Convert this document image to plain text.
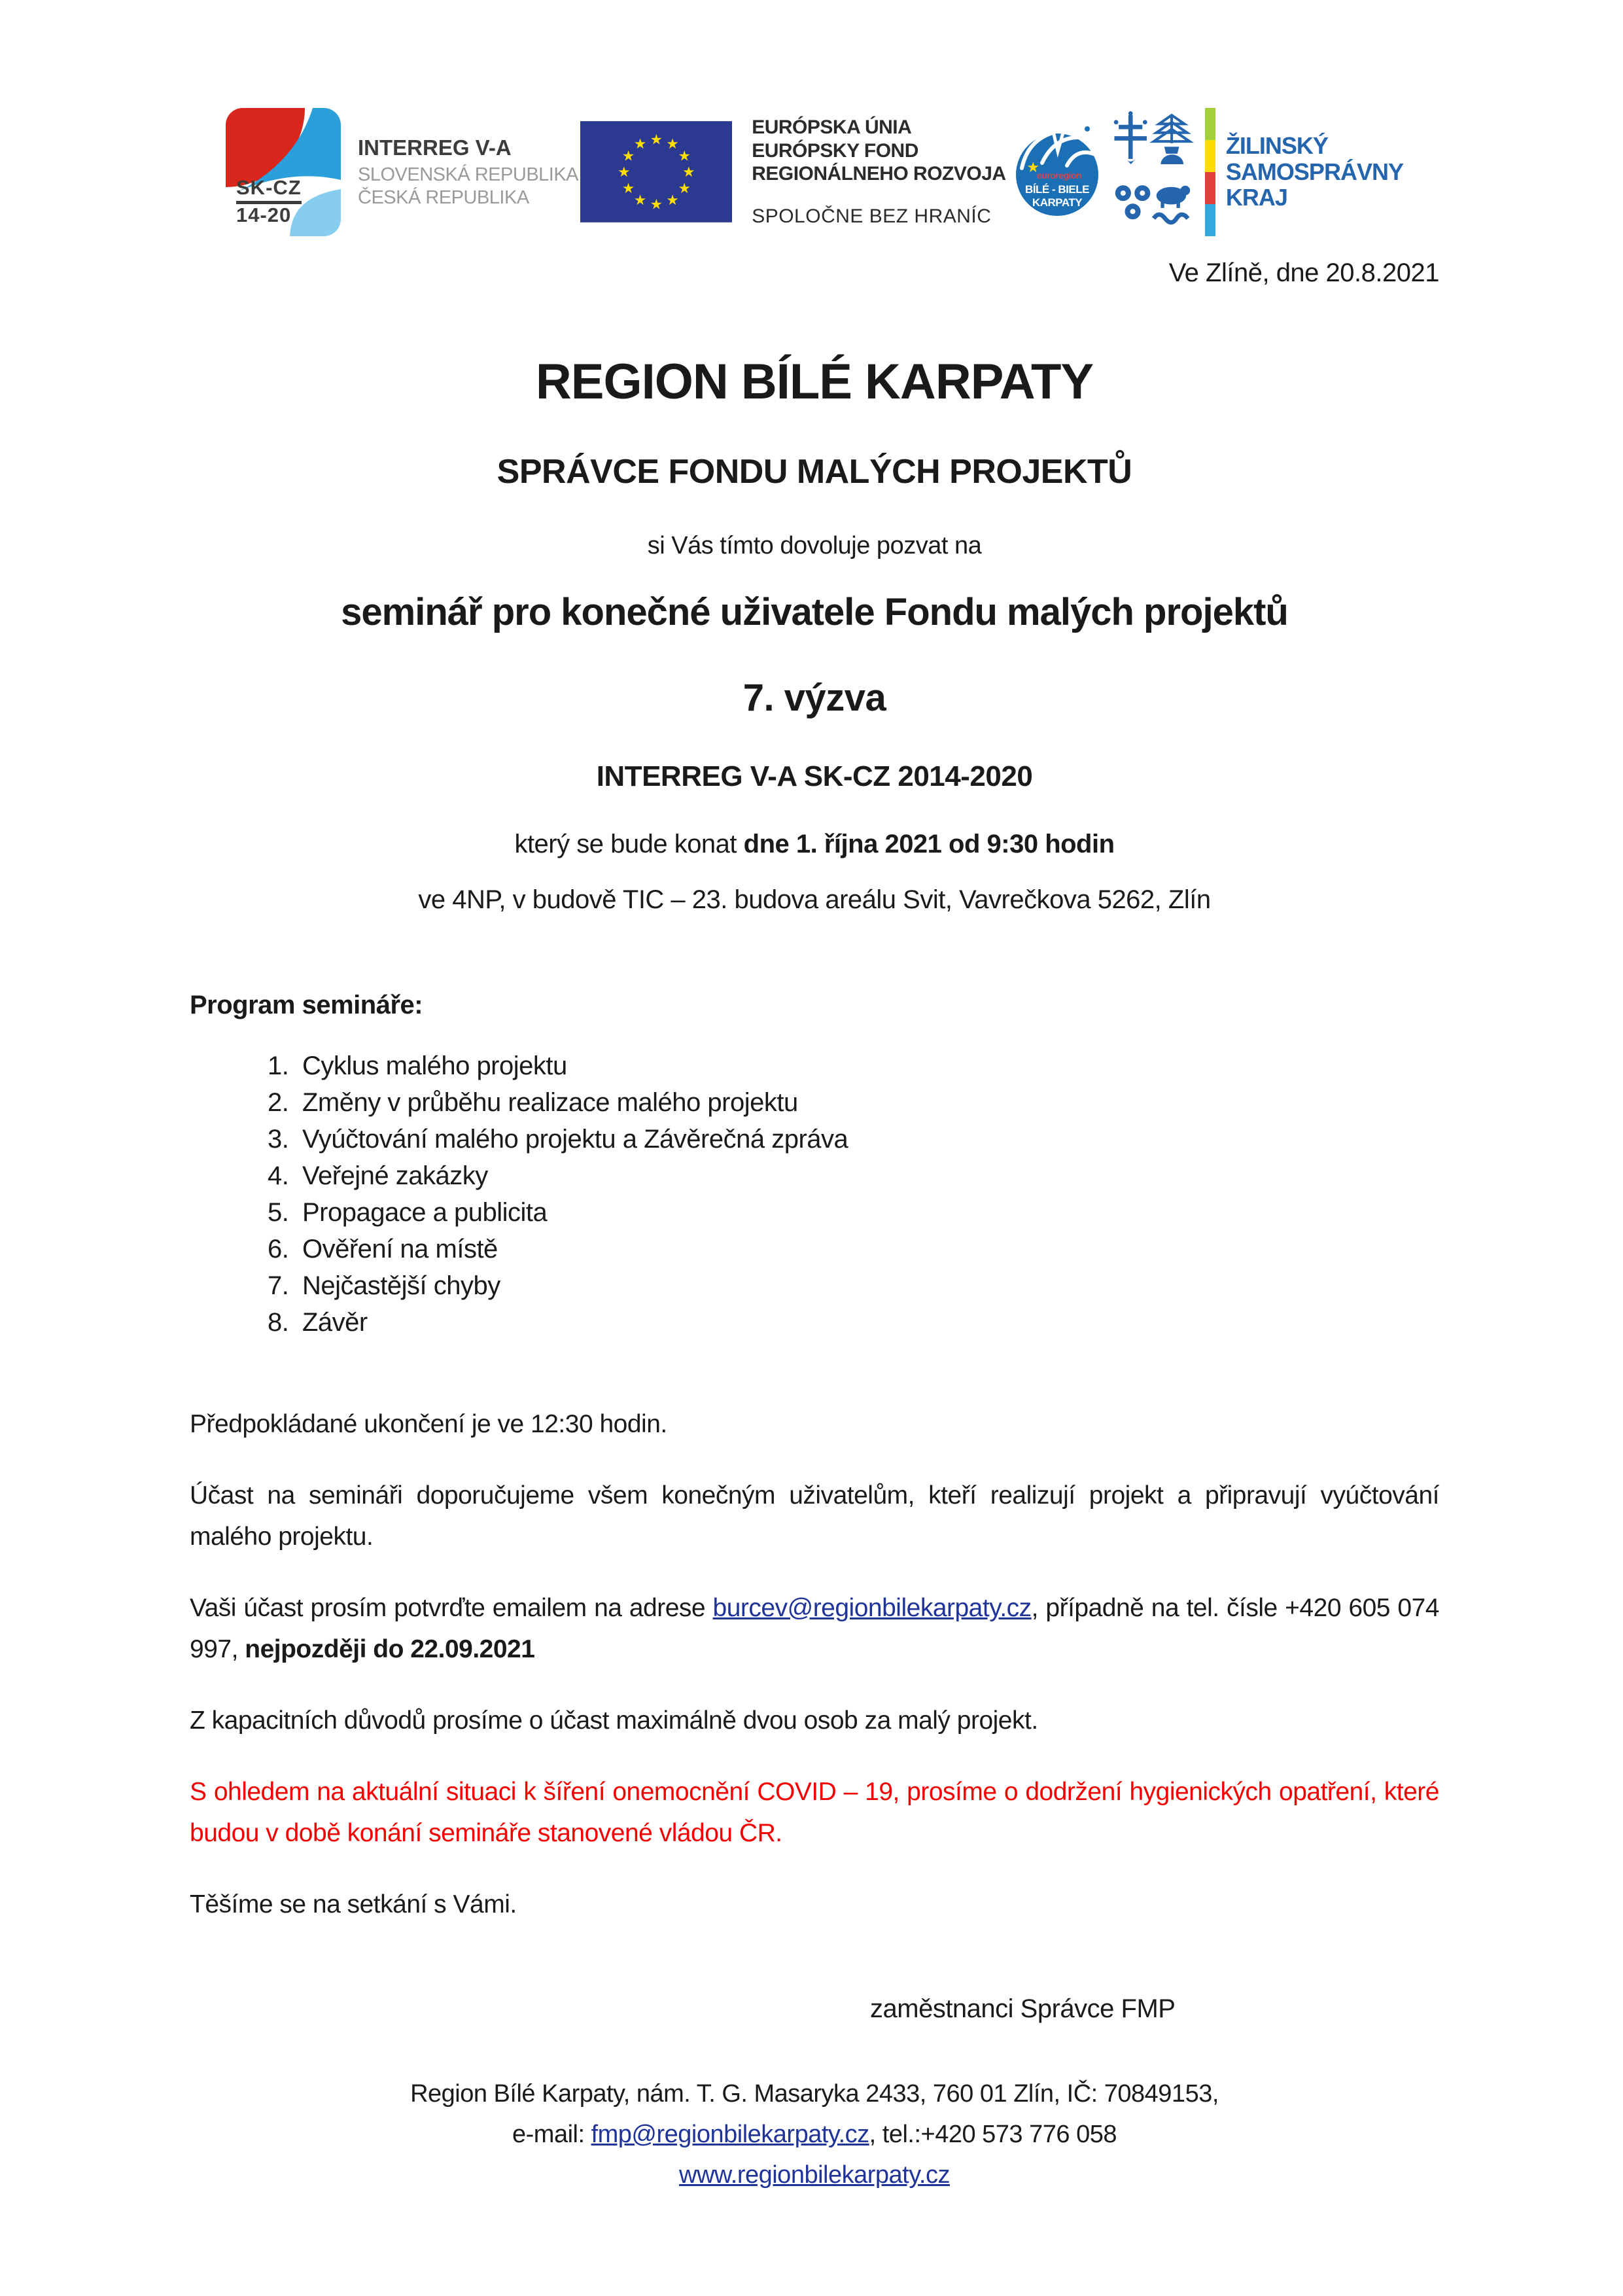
SK-CZ
14-20
INTERREG V-A
SLOVENSKÁ REPUBLIKA
ČESKÁ REPUBLIKA
★ ★
★
★
★
★
★
★
★
★
★
★
EURÓPSKA ÚNIA
EURÓPSKY FOND
REGIONÁLNEHO ROZVOJA
SPOLOČNE BEZ HRANÍC
★
euroregion
BÍLÉ - BIELE
KARPATY
ŽILINSKÝ
SAMOSPRÁVNY
KRAJ
Ve Zlíně, dne 20.8.2021
REGION BÍLÉ KARPATY
SPRÁVCE FONDU MALÝCH PROJEKTŮ
si Vás tímto dovoluje pozvat na
seminář pro konečné uživatele Fondu malých projektů
7. výzva
INTERREG V-A SK-CZ 2014-2020
který se bude konat dne 1. října 2021 od 9:30 hodin
ve 4NP, v budově TIC – 23. budova areálu Svit, Vavrečkova 5262, Zlín
Program semináře:
1. Cyklus malého projektu
2. Změny v průběhu realizace malého projektu
3. Vyúčtování malého projektu a Závěrečná zpráva
4. Veřejné zakázky
5. Propagace a publicita
6. Ověření na místě
7. Nejčastější chyby
8. Závěr
Předpokládané ukončení je ve 12:30 hodin.
Účast na semináři doporučujeme všem konečným uživatelům, kteří realizují projekt a připravují vyúčtování malého projektu.
Vaši účast prosím potvrďte emailem na adrese burcev@regionbilekarpaty.cz, případně na tel. čísle +420 605 074 997, nejpozději do 22.09.2021
Z kapacitních důvodů prosíme o účast maximálně dvou osob za malý projekt.
S ohledem na aktuální situaci k šíření onemocnění COVID – 19, prosíme o dodržení hygienických opatření, které budou v době konání semináře stanovené vládou ČR.
Těšíme se na setkání s Vámi.
zaměstnanci Správce FMP
Region Bílé Karpaty, nám. T. G. Masaryka 2433, 760 01 Zlín, IČ: 70849153,
e-mail: fmp@regionbilekarpaty.cz, tel.:+420 573 776 058
www.regionbilekarpaty.cz
